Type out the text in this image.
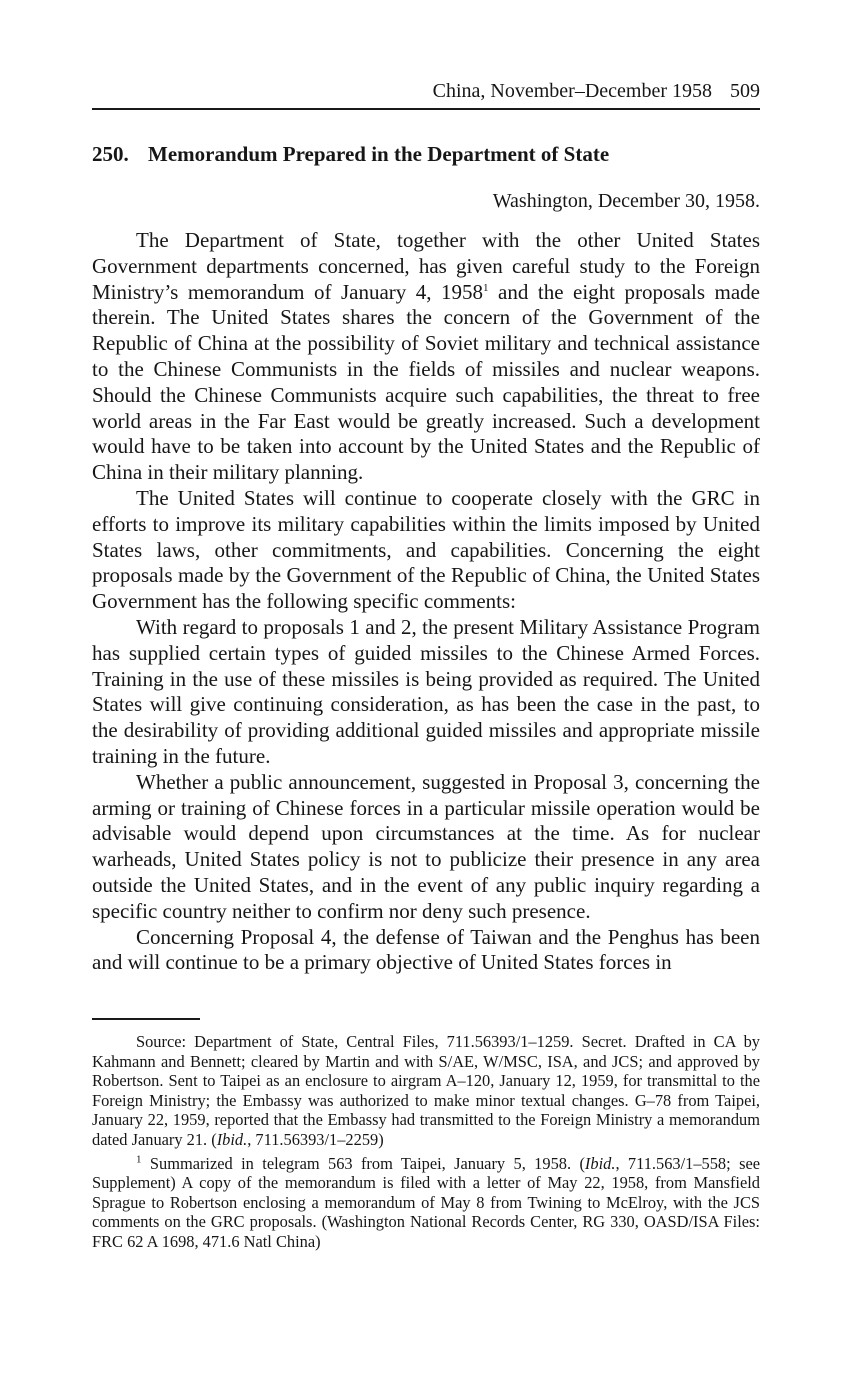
China, November–December 1958 509
250. Memorandum Prepared in the Department of State
Washington, December 30, 1958.

The Department of State, together with the other United States Government departments concerned, has given careful study to the Foreign Ministry’s memorandum of January 4, 1958$^1$ and the eight proposals made therein. The United States shares the concern of the Government of the Republic of China at the possibility of Soviet military and technical assistance to the Chinese Communists in the fields of missiles and nuclear weapons. Should the Chinese Communists acquire such capabilities, the threat to free world areas in the Far East would be greatly increased. Such a development would have to be taken into account by the United States and the Republic of China in their military planning.

The United States will continue to cooperate closely with the GRC in efforts to improve its military capabilities within the limits imposed by United States laws, other commitments, and capabilities. Concerning the eight proposals made by the Government of the Republic of China, the United States Government has the following specific comments:

With regard to proposals 1 and 2, the present Military Assistance Program has supplied certain types of guided missiles to the Chinese Armed Forces. Training in the use of these missiles is being provided as required. The United States will give continuing consideration, as has been the case in the past, to the desirability of providing additional guided missiles and appropriate missile training in the future.

Whether a public announcement, suggested in Proposal 3, concerning the arming or training of Chinese forces in a particular missile operation would be advisable would depend upon circumstances at the time. As for nuclear warheads, United States policy is not to publicize their presence in any area outside the United States, and in the event of any public inquiry regarding a specific country neither to confirm nor deny such presence.

Concerning Proposal 4, the defense of Taiwan and the Penghus has been and will continue to be a primary objective of United States forces in

Source: Department of State, Central Files, 711.56393/1–1259. Secret. Drafted in CA by Kahmann and Bennett; cleared by Martin and with S/AE, W/MSC, ISA, and JCS; and approved by Robertson. Sent to Taipei as an enclosure to airgram A–120, January 12, 1959, for transmittal to the Foreign Ministry; the Embassy was authorized to make minor textual changes. G–78 from Taipei, January 22, 1959, reported that the Embassy had transmitted to the Foreign Ministry a memorandum dated January 21. (Ibid., 711.56393/1–2259)

$^1$ Summarized in telegram 563 from Taipei, January 5, 1958. (Ibid., 711.563/1–558; see Supplement) A copy of the memorandum is filed with a letter of May 22, 1958, from Mansfield Sprague to Robertson enclosing a memorandum of May 8 from Twining to McElroy, with the JCS comments on the GRC proposals. (Washington National Records Center, RG 330, OASD/ISA Files: FRC 62 A 1698, 471.6 Natl China)
